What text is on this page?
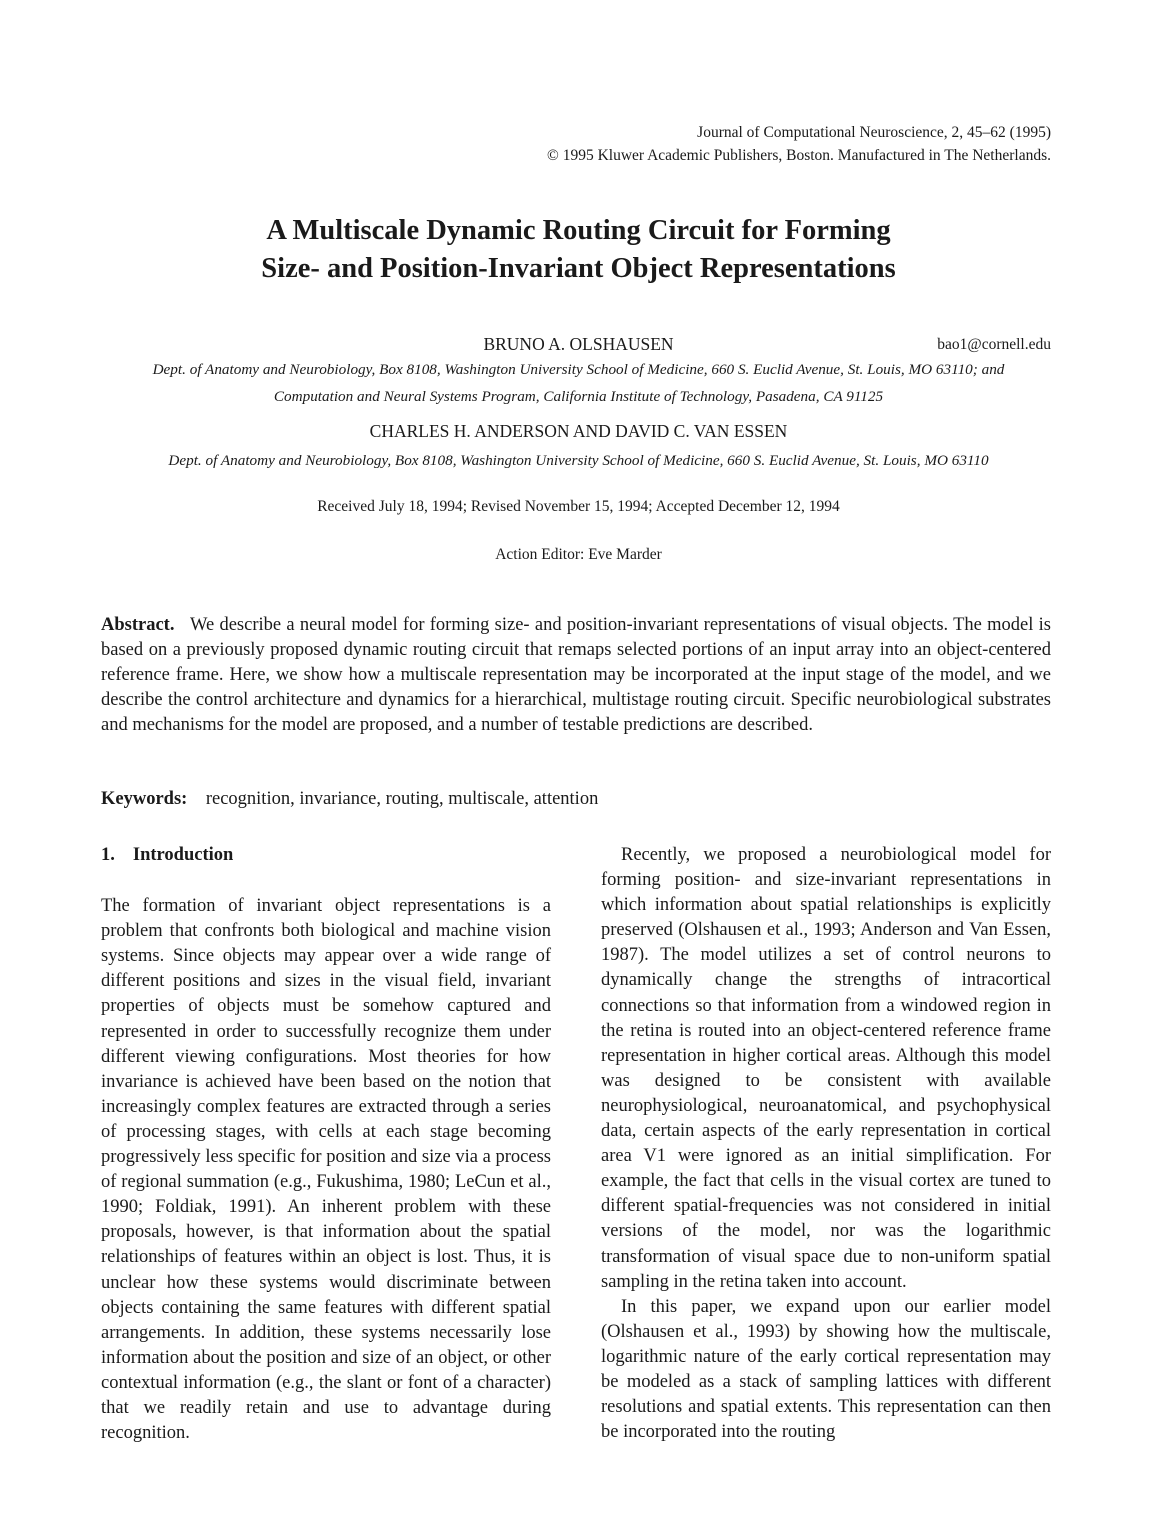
Journal of Computational Neuroscience, 2, 45–62 (1995)
© 1995 Kluwer Academic Publishers, Boston. Manufactured in The Netherlands.
A Multiscale Dynamic Routing Circuit for Forming
Size- and Position-Invariant Object Representations
BRUNO A. OLSHAUSEN	bao1@cornell.edu
Dept. of Anatomy and Neurobiology, Box 8108, Washington University School of Medicine, 660 S. Euclid Avenue, St. Louis, MO 63110; and
Computation and Neural Systems Program, California Institute of Technology, Pasadena, CA 91125
CHARLES H. ANDERSON AND DAVID C. VAN ESSEN
Dept. of Anatomy and Neurobiology, Box 8108, Washington University School of Medicine, 660 S. Euclid Avenue, St. Louis, MO 63110
Received July 18, 1994; Revised November 15, 1994; Accepted December 12, 1994
Action Editor: Eve Marder
Abstract. We describe a neural model for forming size- and position-invariant representations of visual objects. The model is based on a previously proposed dynamic routing circuit that remaps selected portions of an input array into an object-centered reference frame. Here, we show how a multiscale representation may be incorporated at the input stage of the model, and we describe the control architecture and dynamics for a hierarchical, multistage routing circuit. Specific neurobiological substrates and mechanisms for the model are proposed, and a number of testable predictions are described.
Keywords: recognition, invariance, routing, multiscale, attention
1. Introduction

The formation of invariant object representations is a problem that confronts both biological and machine vision systems. Since objects may appear over a wide range of different positions and sizes in the visual field, invariant properties of objects must be somehow captured and represented in order to successfully recognize them under different viewing configurations. Most theories for how invariance is achieved have been based on the notion that increasingly complex features are extracted through a series of processing stages, with cells at each stage becoming progressively less specific for position and size via a process of regional summation (e.g., Fukushima, 1980; LeCun et al., 1990; Foldiak, 1991). An inherent problem with these proposals, however, is that information about the spatial relationships of features within an object is lost. Thus, it is unclear how these systems would discriminate between objects containing the same features with different spatial arrangements. In addition, these systems necessarily lose information about the position and size of an object, or other contextual information (e.g., the slant or font of a character) that we readily retain and use to advantage during recognition.

Recently, we proposed a neurobiological model for forming position- and size-invariant representations in which information about spatial relationships is explicitly preserved (Olshausen et al., 1993; Anderson and Van Essen, 1987). The model utilizes a set of control neurons to dynamically change the strengths of intracortical connections so that information from a windowed region in the retina is routed into an object-centered reference frame representation in higher cortical areas. Although this model was designed to be consistent with available neurophysiological, neuroanatomical, and psychophysical data, certain aspects of the early representation in cortical area V1 were ignored as an initial simplification. For example, the fact that cells in the visual cortex are tuned to different spatial-frequencies was not considered in initial versions of the model, nor was the logarithmic transformation of visual space due to non-uniform spatial sampling in the retina taken into account.

In this paper, we expand upon our earlier model (Olshausen et al., 1993) by showing how the multiscale, logarithmic nature of the early cortical representation may be modeled as a stack of sampling lattices with different resolutions and spatial extents. This representation can then be incorporated into the routing
